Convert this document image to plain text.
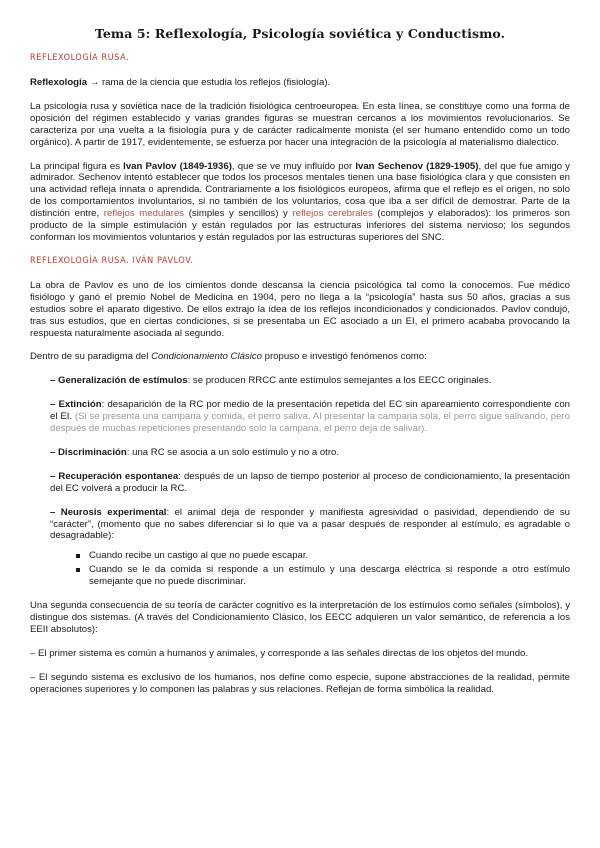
Tema 5: Reflexología, Psicología soviética y Conductismo.
REFLEXOLOGÍA RUSA.

Reflexología → rama de la ciencia que estudia los reflejos (fisiología).

La psicología rusa y soviética nace de la tradición fisiológica centroeuropea. En esta línea, se constituye como una forma de oposición del régimen establecido y varias grandes figuras se muestran cercanos a los movimientos revolucionarios. Se caracteriza por una vuelta a la fisiología pura y de carácter radicalmente monista (el ser humano entendido como un todo orgánico). A partir de 1917, evidentemente, se esfuerza por hacer una integración de la psicología al materialismo dialectico.

La principal figura es Ivan Pavlov (1849-1936), que se ve muy influido por Ivan Sechenov (1829-1905), del que fue amigo y admirador. Sechenov intentó establecer que todos los procesos mentales tienen una base fisiológica clara y que consisten en una actividad refleja innata o aprendida. Contrariamente a los fisiológicos europeos, afirma que el reflejo es el origen, no solo de los comportamientos involuntarios, si no también de los voluntarios, cosa que iba a ser difícil de demostrar. Parte de la distinción entre, reflejos medulares (simples y sencillos) y reflejos cerebrales (complejos y elaborados): los primeros son producto de la simple estimulación y están regulados por las estructuras inferiores del sistema nervioso; los segundos conforman los movimientos voluntarios y están regulados por las estructuras superiores del SNC.

REFLEXOLOGÍA RUSA. IVÁN PAVLOV.

La obra de Pavlov es uno de los cimientos donde descansa la ciencia psicológica tal como la conocemos. Fue médico fisiólogo y ganó el premio Nobel de Medicina en 1904, pero no llega a la “psicología” hasta sus 50 años, gracias a sus estudios sobre el aparato digestivo. De ellos extrajo la idea de los reflejos incondicionados y condicionados. Pavlov condujó, tras sus estudios, que en ciertas condiciones, si se presentaba un EC asociado a un EI, el primero acababa provocando la respuesta naturalmente asociada al segundo.

Dentro de su paradigma del Condicionamiento Clásico propuso e investigó fenómenos como:

– Generalización de estímulos: se producen RRCC ante estímulos semejantes a los EECC originales.

– Extinción: desaparición de la RC por medio de la presentación repetida del EC sin apareamiento correspondiente con el EI. (Si se presenta una campana y comida, el perro saliva. Al presentar la campana sola, el perro sigue salivando, pero después de muchas repeticiones presentando solo la campana, el perro deja de salivar).

– Discriminación: una RC se asocia a un solo estímulo y no a otro.

– Recuperación espontanea: después de un lapso de tiempo posterior al proceso de condicionamiento, la presentación del EC volverá a producir la RC.

– Neurosis experimental: el animal deja de responder y manifiesta agresividad o pasividad, dependiendo de su “carácter”, (momento que no sabes diferenciar si lo que va a pasar después de responder al estímulo, es agradable o desagradable):

Cuando recibe un castigo al que no puede escapar.
Cuando se le da comida si responde a un estímulo y una descarga eléctrica si responde a otro estímulo semejante que no puede discriminar.

Una segunda consecuencia de su teoría de carácter cognitivo es la interpretación de los estímulos como señales (símbolos), y distingue dos sistemas. (A través del Condicionamiento Clásico, los EECC adquieren un valor semántico, de referencia a los EEII absolutos):

– El primer sistema es común a humanos y animales, y corresponde a las señales directas de los objetos del mundo.

– El segundo sistema es exclusivo de los humanos, nos define como especie, supone abstracciones de la realidad, permite operaciones superiores y lo componen las palabras y sus relaciones. Reflejan de forma simbólica la realidad.
